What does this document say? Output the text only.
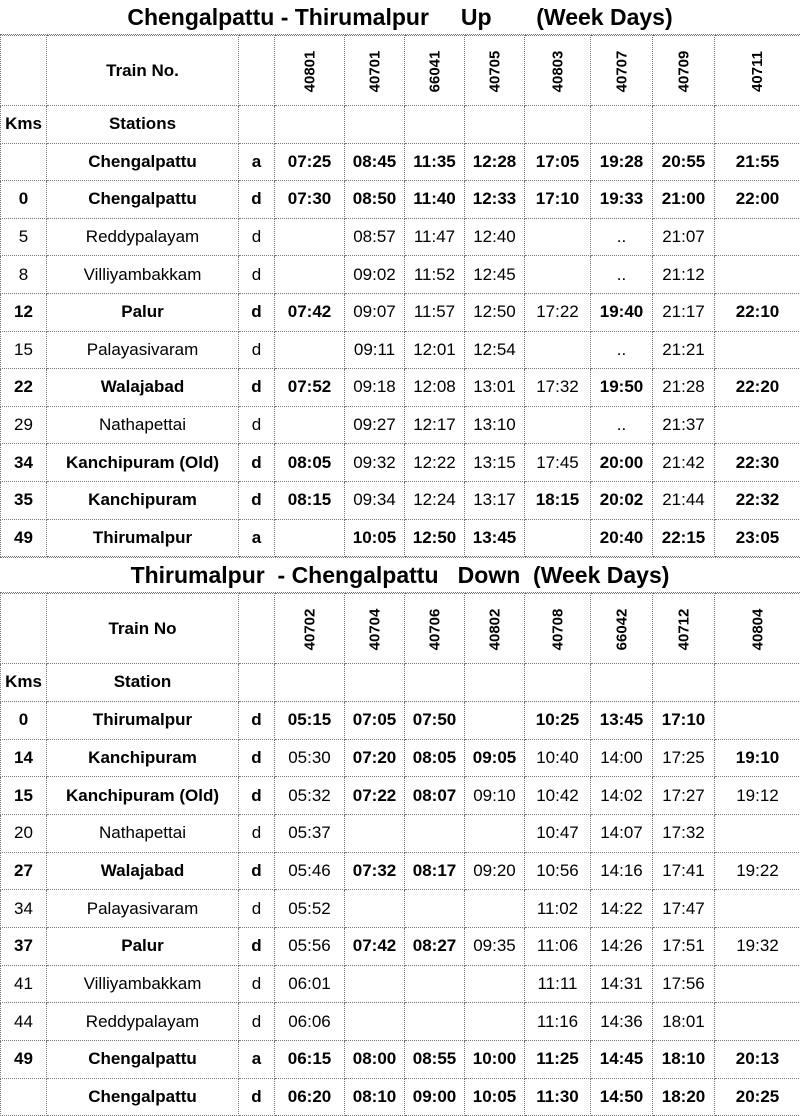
Chengalpattu - Thirumalpur     Up       (Week Days)
	Train No.		40801	40701	66041	40705	40803	40707	40709	40711
Kms	Stations									
	Chengalpattu	a	07:25	08:45	11:35	12:28	17:05	19:28	20:55	21:55
0	Chengalpattu	d	07:30	08:50	11:40	12:33	17:10	19:33	21:00	22:00
5	Reddypalayam	d		08:57	11:47	12:40		..	21:07	
8	Villiyambakkam	d		09:02	11:52	12:45		..	21:12	
12	Palur	d	07:42	09:07	11:57	12:50	17:22	19:40	21:17	22:10
15	Palayasivaram	d		09:11	12:01	12:54		..	21:21	
22	Walajabad	d	07:52	09:18	12:08	13:01	17:32	19:50	21:28	22:20
29	Nathapettai	d		09:27	12:17	13:10		..	21:37	
34	Kanchipuram (Old)	d	08:05	09:32	12:22	13:15	17:45	20:00	21:42	22:30
35	Kanchipuram	d	08:15	09:34	12:24	13:17	18:15	20:02	21:44	22:32
49	Thirumalpur	a		10:05	12:50	13:45		20:40	22:15	23:05
Thirumalpur  - Chengalpattu   Down  (Week Days)
	Train No		40702	40704	40706	40802	40708	66042	40712	40804
Kms	Station									
0	Thirumalpur	d	05:15	07:05	07:50		10:25	13:45	17:10	
14	Kanchipuram	d	05:30	07:20	08:05	09:05	10:40	14:00	17:25	19:10
15	Kanchipuram (Old)	d	05:32	07:22	08:07	09:10	10:42	14:02	17:27	19:12
20	Nathapettai	d	05:37				10:47	14:07	17:32	
27	Walajabad	d	05:46	07:32	08:17	09:20	10:56	14:16	17:41	19:22
34	Palayasivaram	d	05:52				11:02	14:22	17:47	
37	Palur	d	05:56	07:42	08:27	09:35	11:06	14:26	17:51	19:32
41	Villiyambakkam	d	06:01				11:11	14:31	17:56	
44	Reddypalayam	d	06:06				11:16	14:36	18:01	
49	Chengalpattu	a	06:15	08:00	08:55	10:00	11:25	14:45	18:10	20:13
	Chengalpattu	d	06:20	08:10	09:00	10:05	11:30	14:50	18:20	20:25
